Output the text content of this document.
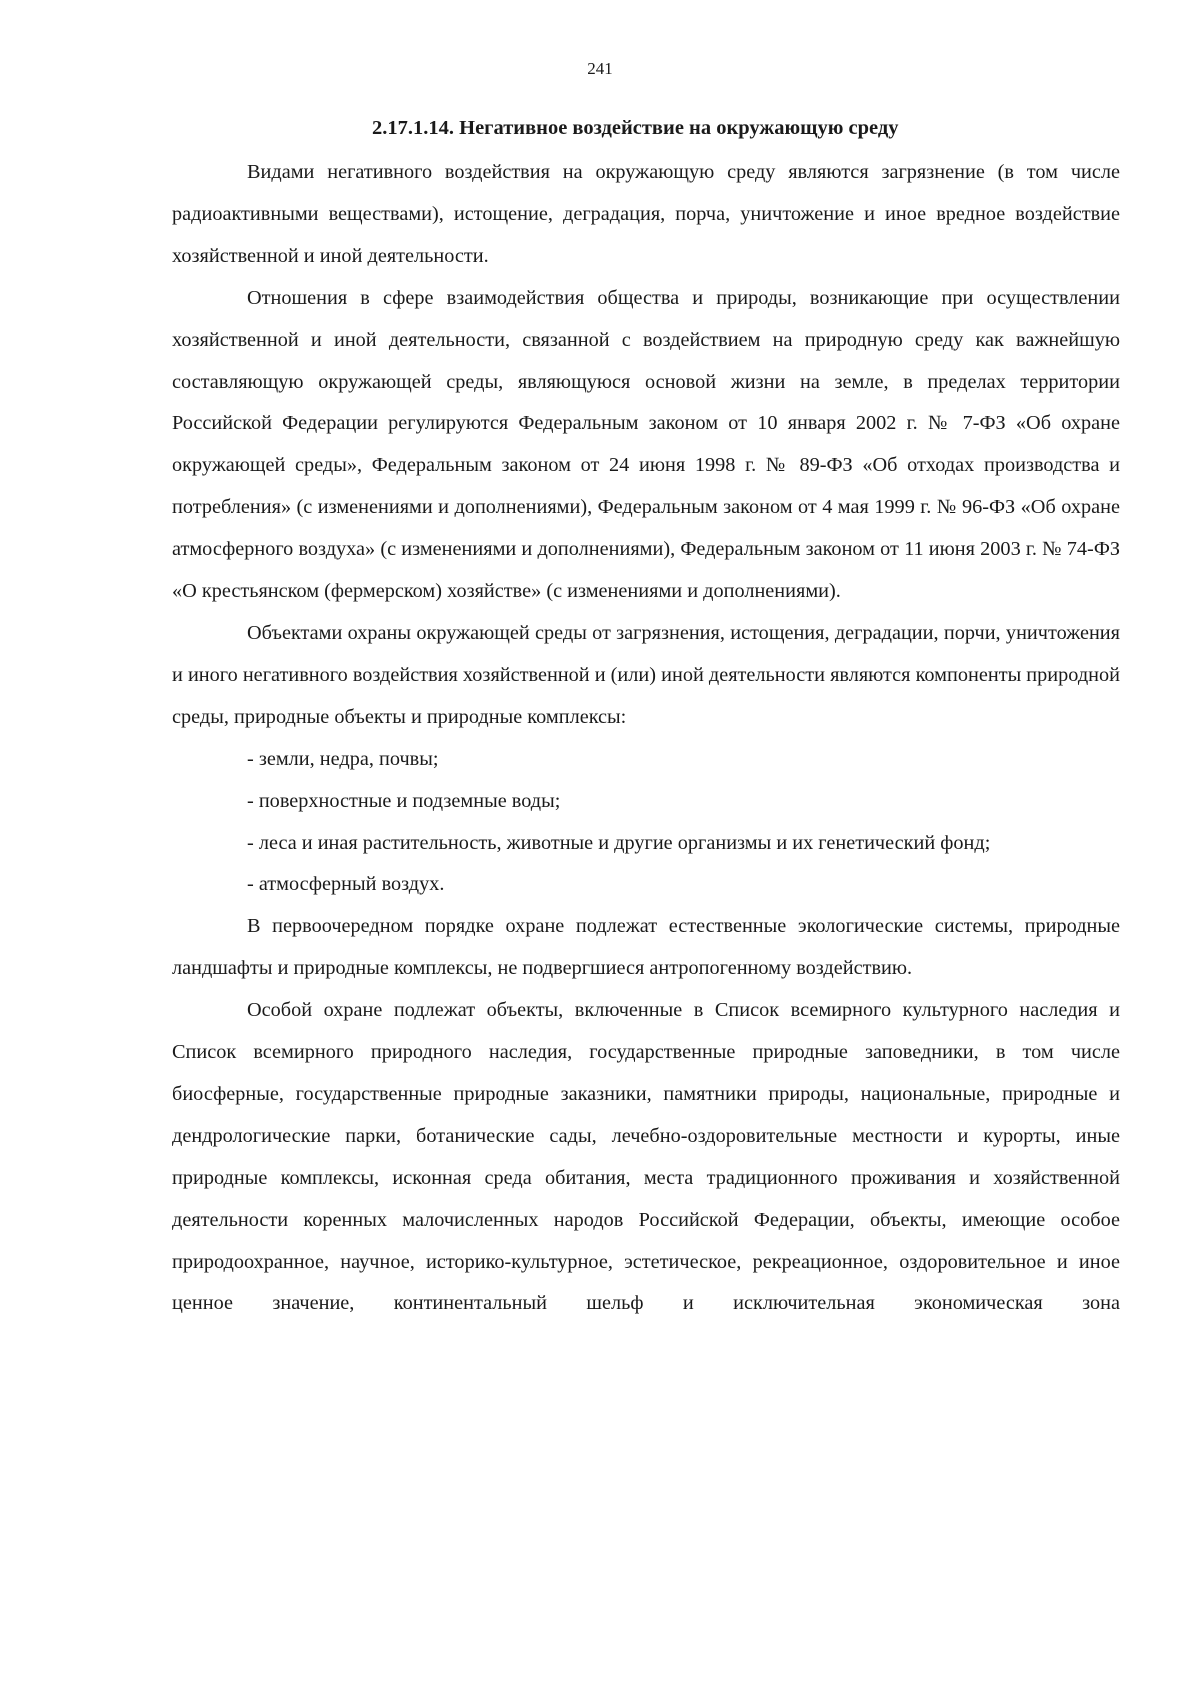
241
2.17.1.14. Негативное воздействие на окружающую среду

Видами негативного воздействия на окружающую среду являются загрязнение (в том числе радиоактивными веществами), истощение, деградация, порча, уничтожение и иное вредное воздействие хозяйственной и иной деятельности.

Отношения в сфере взаимодействия общества и природы, возникающие при осуществлении хозяйственной и иной деятельности, связанной с воздействием на природную среду как важнейшую составляющую окружающей среды, являющуюся основой жизни на земле, в пределах территории Российской Федерации регулируются Федеральным законом от 10 января 2002 г. № 7-ФЗ «Об охране окружающей среды», Федеральным законом от 24 июня 1998 г. № 89-ФЗ «Об отходах производства и потребления» (с изменениями и дополнениями), Федеральным законом от 4 мая 1999 г. № 96-ФЗ «Об охране атмосферного воздуха» (с изменениями и дополнениями), Федеральным законом от 11 июня 2003 г. № 74-ФЗ «О крестьянском (фермерском) хозяйстве» (с изменениями и дополнениями).

Объектами охраны окружающей среды от загрязнения, истощения, деградации, порчи, уничтожения и иного негативного воздействия хозяйственной и (или) иной деятельности являются компоненты природной среды, природные объекты и природные комплексы:

- земли, недра, почвы;

- поверхностные и подземные воды;

- леса и иная растительность, животные и другие организмы и их генетический фонд;

- атмосферный воздух.

В первоочередном порядке охране подлежат естественные экологические системы, природные ландшафты и природные комплексы, не подвергшиеся антропогенному воздействию.

Особой охране подлежат объекты, включенные в Список всемирного культурного наследия и Список всемирного природного наследия, государственные природные заповедники, в том числе биосферные, государственные природные заказники, памятники природы, национальные, природные и дендрологические парки, ботанические сады, лечебно-оздоровительные местности и курорты, иные природные комплексы, исконная среда обитания, места традиционного проживания и хозяйственной деятельности коренных малочисленных народов Российской Федерации, объекты, имеющие особое природоохранное, научное, историко-культурное, эстетическое, рекреационное, оздоровительное и иное ценное значение, континентальный шельф и исключительная экономическая зона
